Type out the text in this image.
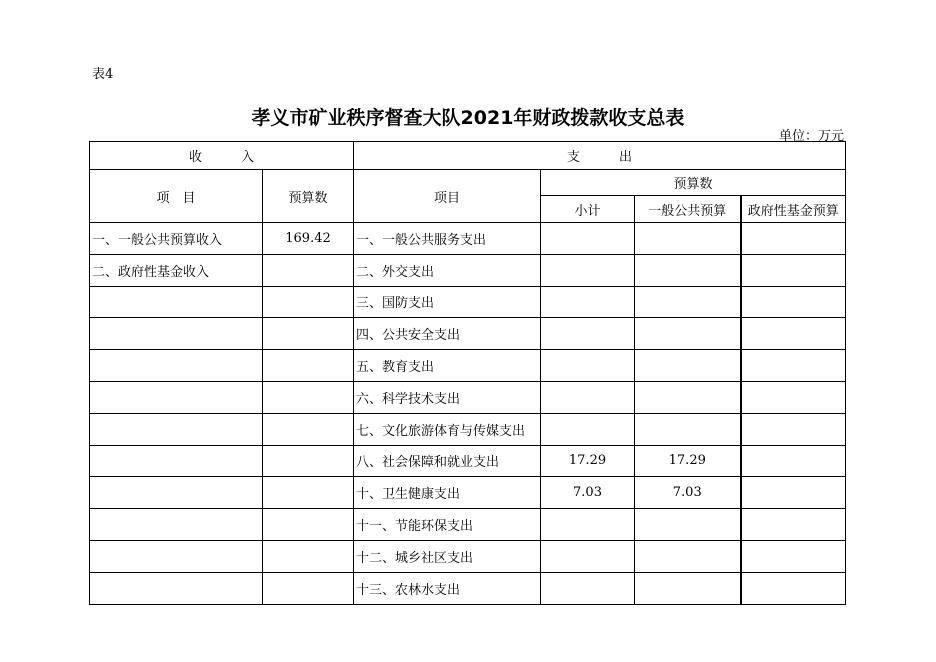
表4
孝义市矿业秩序督查大队2021年财政拨款收支总表
单位：万元
收　　　入		支　　　出			
项　目	预算数	项目	预算数		
			小计	一般公共预算	政府性基金预算
一、一般公共预算收入	169.42	一、一般公共服务支出			
二、政府性基金收入		二、外交支出			
		三、国防支出			
		四、公共安全支出			
		五、教育支出			
		六、科学技术支出			
		七、文化旅游体育与传媒支出			
		八、社会保障和就业支出	17.29	17.29	
		十、卫生健康支出	7.03	7.03	
		十一、节能环保支出			
		十二、城乡社区支出			
		十三、农林水支出			
